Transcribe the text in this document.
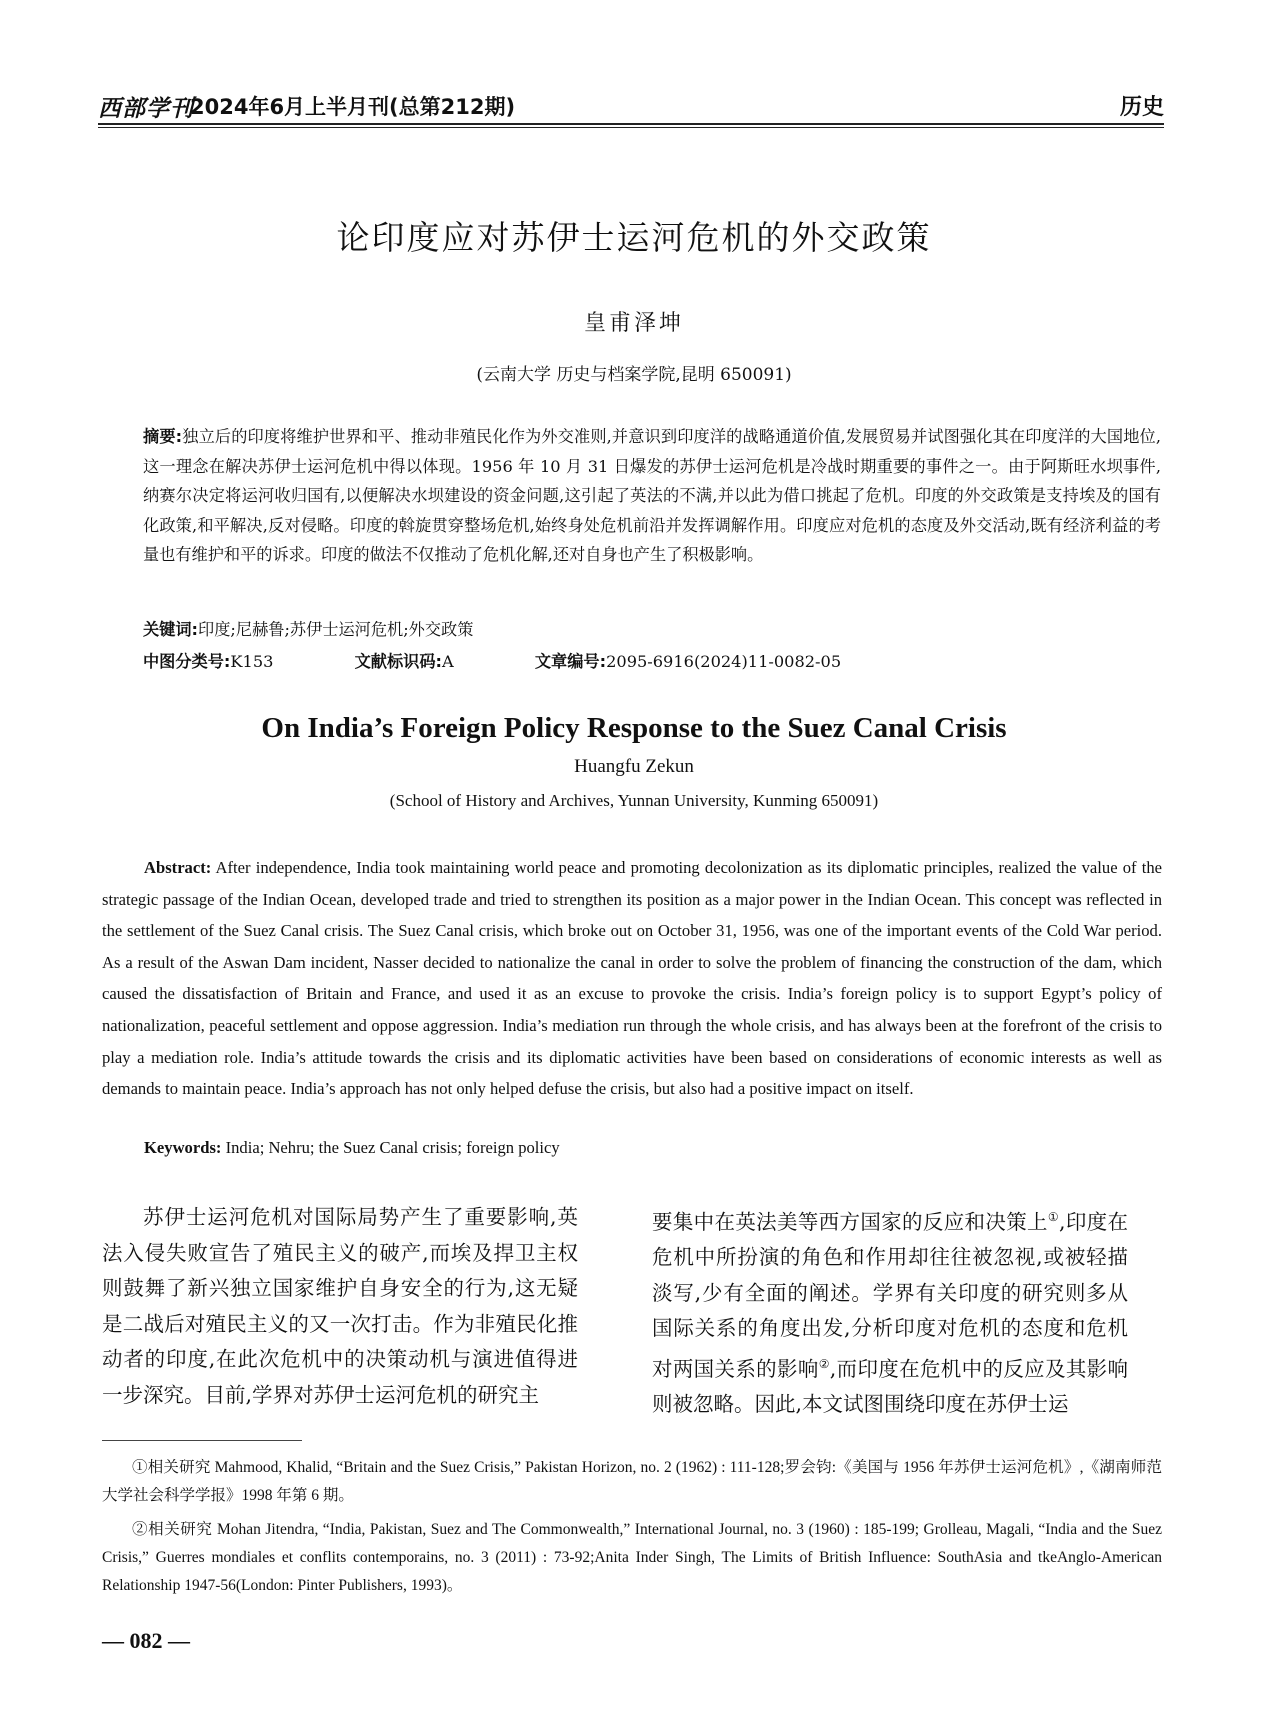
西部学刊
2024年6月上半月刊(总第212期)	历史
论印度应对苏伊士运河危机的外交政策
皇甫泽坤
(云南大学 历史与档案学院,昆明 650091)
摘要:独立后的印度将维护世界和平、推动非殖民化作为外交准则,并意识到印度洋的战略通道价值,发展贸易并试图强化其在印度洋的大国地位,这一理念在解决苏伊士运河危机中得以体现。1956 年 10 月 31 日爆发的苏伊士运河危机是冷战时期重要的事件之一。由于阿斯旺水坝事件,纳赛尔决定将运河收归国有,以便解决水坝建设的资金问题,这引起了英法的不满,并以此为借口挑起了危机。印度的外交政策是支持埃及的国有化政策,和平解决,反对侵略。印度的斡旋贯穿整场危机,始终身处危机前沿并发挥调解作用。印度应对危机的态度及外交活动,既有经济利益的考量也有维护和平的诉求。印度的做法不仅推动了危机化解,还对自身也产生了积极影响。
关键词:印度;尼赫鲁;苏伊士运河危机;外交政策
中图分类号:K153	文献标识码:A	文章编号:2095-6916(2024)11-0082-05
On India’s Foreign Policy Response to the Suez Canal Crisis
Huangfu Zekun
(School of History and Archives, Yunnan University, Kunming 650091)
Abstract: After independence, India took maintaining world peace and promoting decolonization as its diplomatic principles, realized the value of the strategic passage of the Indian Ocean, developed trade and tried to strengthen its position as a major power in the Indian Ocean. This concept was reflected in the settlement of the Suez Canal crisis. The Suez Canal crisis, which broke out on October 31, 1956, was one of the important events of the Cold War period. As a result of the Aswan Dam incident, Nasser decided to nationalize the canal in order to solve the problem of financing the construction of the dam, which caused the dissatisfaction of Britain and France, and used it as an excuse to provoke the crisis. India’s foreign policy is to support Egypt’s policy of nationalization, peaceful settlement and oppose aggression. India’s mediation run through the whole crisis, and has always been at the forefront of the crisis to play a mediation role. India’s attitude towards the crisis and its diplomatic activities have been based on considerations of economic interests as well as demands to maintain peace. India’s approach has not only helped defuse the crisis, but also had a positive impact on itself.
Keywords: India; Nehru; the Suez Canal crisis; foreign policy
苏伊士运河危机对国际局势产生了重要影响,英法入侵失败宣告了殖民主义的破产,而埃及捍卫主权则鼓舞了新兴独立国家维护自身安全的行为,这无疑是二战后对殖民主义的又一次打击。作为非殖民化推动者的印度,在此次危机中的决策动机与演进值得进一步深究。目前,学界对苏伊士运河危机的研究主
要集中在英法美等西方国家的反应和决策上①,印度在危机中所扮演的角色和作用却往往被忽视,或被轻描淡写,少有全面的阐述。学界有关印度的研究则多从国际关系的角度出发,分析印度对危机的态度和危机对两国关系的影响②,而印度在危机中的反应及其影响则被忽略。因此,本文试图围绕印度在苏伊士运

①相关研究 Mahmood, Khalid, “Britain and the Suez Crisis,” Pakistan Horizon, no. 2 (1962) : 111-128;罗会钧:《美国与 1956 年苏伊士运河危机》,《湖南师范大学社会科学学报》1998 年第 6 期。

②相关研究 Mohan Jitendra, “India, Pakistan, Suez and The Commonwealth,” International Journal, no. 3 (1960) : 185-199; Grolleau, Magali, “India and the Suez Crisis,” Guerres mondiales et conflits contemporains, no. 3 (2011) : 73-92;Anita Inder Singh, The Limits of British Influence: SouthAsia and tkeAnglo-American Relationship 1947-56(London: Pinter Publishers, 1993)。

— 082 —
